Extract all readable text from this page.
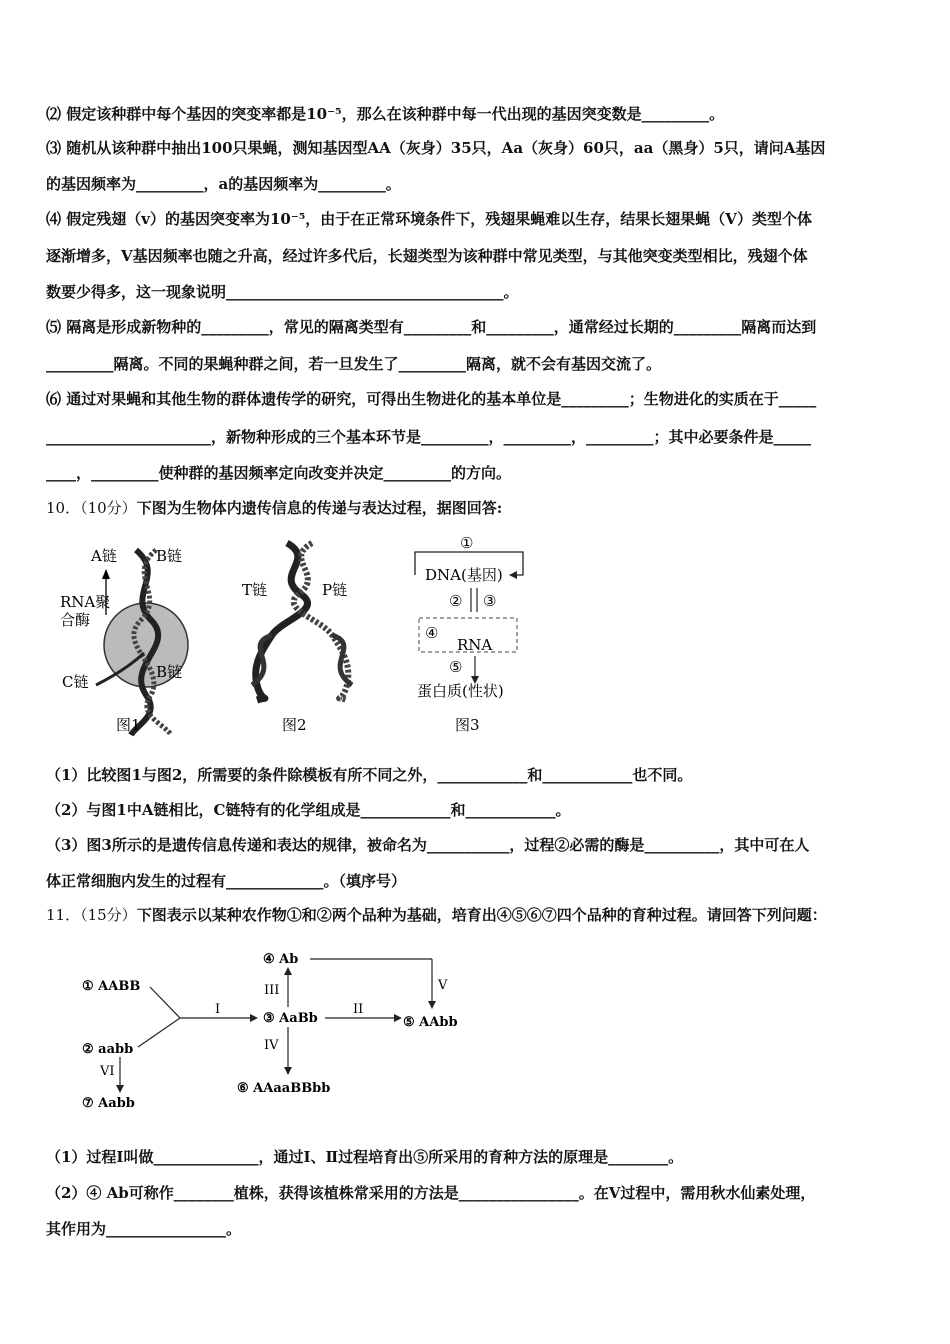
⑵ 假定该种群中每个基因的突变率都是10⁻⁵，那么在该种群中每一代出现的基因突变数是_________。
⑶ 随机从该种群中抽出100只果蝇，测知基因型AA（灰身）35只，Aa（灰身）60只，aa（黑身）5只，请问A基因
的基因频率为_________，a的基因频率为_________。
⑷ 假定残翅（v）的基因突变率为10⁻⁵，由于在正常环境条件下，残翅果蝇难以生存，结果长翅果蝇（V）类型个体
逐渐增多，V基因频率也随之升高，经过许多代后，长翅类型为该种群中常见类型，与其他突变类型相比，残翅个体
数要少得多，这一现象说明_____________________________________。
⑸ 隔离是形成新物种的_________，常见的隔离类型有_________和_________，通常经过长期的_________隔离而达到
_________隔离。不同的果蝇种群之间，若一旦发生了_________隔离，就不会有基因交流了。
⑹ 通过对果蝇和其他生物的群体遗传学的研究，可得出生物进化的基本单位是_________；生物进化的实质在于_____
______________________，新物种形成的三个基本环节是_________，_________，_________；其中必要条件是_____
____，_________使种群的基因频率定向改变并决定_________的方向。
10．（10分）下图为生物体内遗传信息的传递与表达过程，据图回答:
A链	B链
RNA聚
合酶
C链
B链
图1
T链	P链
图2
①
DNA(基因)
② ③
④
RNA
⑤
蛋白质(性状)
图3
（1）比较图1与图2，所需要的条件除模板有所不同之外，____________和____________也不同。
（2）与图1中A链相比，C链特有的化学组成是____________和____________。
（3）图3所示的是遗传信息传递和表达的规律，被命名为___________，过程②必需的酶是__________，其中可在人
体正常细胞内发生的过程有_____________。（填序号）
11．（15分）下图表示以某种农作物①和②两个品种为基础，培育出④⑤⑥⑦四个品种的育种过程。请回答下列问题：
① AABB
② aabb
③ AaBb
④ Ab
⑤ AAbb
⑥ AAaaBBbb
⑦ Aabb
I	II
III	V
IV
VI
（1）过程Ⅰ叫做______________，通过Ⅰ、Ⅱ过程培育出⑤所采用的育种方法的原理是________。
（2）④ Ab可称作________植株，获得该植株常采用的方法是________________。在Ⅴ过程中，需用秋水仙素处理，
其作用为________________。
